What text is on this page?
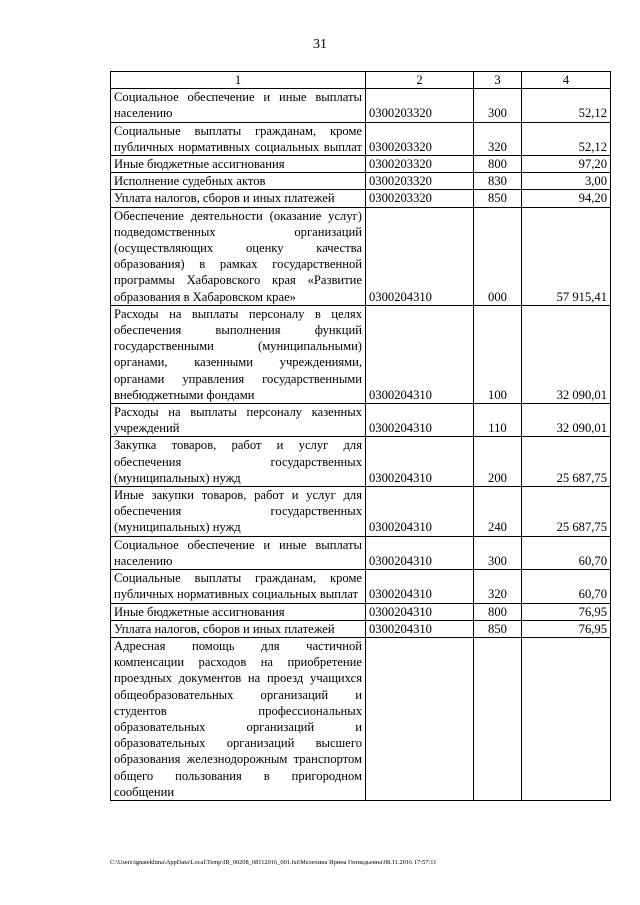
31
1	2	3	4
Социальное обеспечение и иные выплаты населению	0300203320	300	52,12
Социальные выплаты гражданам, кроме публичных нормативных социальных выплат	0300203320	320	52,12
Иные бюджетные ассигнования	0300203320	800	97,20
Исполнение судебных актов	0300203320	830	3,00
Уплата налогов, сборов и иных платежей	0300203320	850	94,20
Обеспечение деятельности (оказание услуг) подведомственных организаций (осуществляющих оценку качества образования) в рамках государственной программы Хабаровского края «Развитие образования в Хабаровском крае»	0300204310	000	57 915,41
Расходы на выплаты персоналу в целях обеспечения выполнения функций государственными (муниципальными) органами, казенными учреждениями, органами управления государственными внебюджетными фондами	0300204310	100	32 090,01
Расходы на выплаты персоналу казенных учреждений	0300204310	110	32 090,01
Закупка товаров, работ и услуг для обеспечения государственных (муниципальных) нужд	0300204310	200	25 687,75
Иные закупки товаров, работ и услуг для обеспечения государственных (муниципальных) нужд	0300204310	240	25 687,75
Социальное обеспечение и иные выплаты населению	0300204310	300	60,70
Социальные выплаты гражданам, кроме публичных нормативных социальных выплат	0300204310	320	60,70
Иные бюджетные ассигнования	0300204310	800	76,95
Уплата налогов, сборов и иных платежей	0300204310	850	76,95
Адресная помощь для частичной компенсации расходов на приобретение проездных документов на проезд учащихся общеобразовательных организаций и студентов профессиональных образовательных организаций и образовательных организаций высшего образования железнодорожным транспортом общего пользования в пригородном сообщении			
C:\Users\ignatekhina\AppData\Local\Temp\IR_00208_08112016_001.txt\Мелехина Ирина Геннадьевна\08.11.2016 17:57:11
